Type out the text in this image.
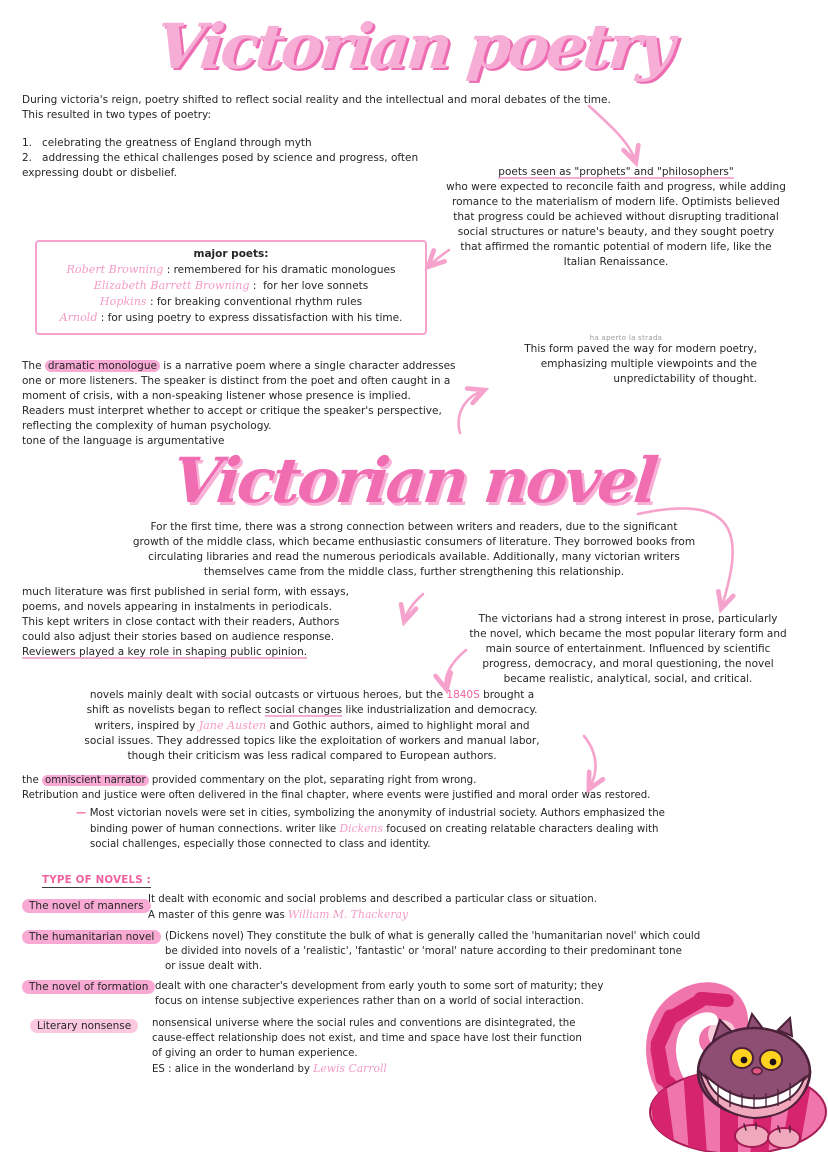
Victorian poetry
During victoria's reign, poetry shifted to reflect social reality and the intellectual and moral debates of the time.
This resulted in two types of poetry:
1.   celebrating the greatness of England through myth
2.   addressing the ethical challenges posed by science and progress, often
expressing doubt or disbelief.	poets seen as "prophets" and "philosophers"
who were expected to reconcile faith and progress, while adding
romance to the materialism of modern life. Optimists believed
that progress could be achieved without disrupting traditional
social structures or nature's beauty, and they sought poetry
that affirmed the romantic potential of modern life, like the
Italian Renaissance.
major poets:
Robert Browning : remembered for his dramatic monologues
Elizabeth Barrett Browning :  for her love sonnets
Hopkins : for breaking conventional rhythm rules
Arnold : for using poetry to express dissatisfaction with his time.
ha aperto la strada
This form paved the way for modern poetry,
emphasizing multiple viewpoints and the
unpredictability of thought.
The dramatic monologue is a narrative poem where a single character addresses
one or more listeners. The speaker is distinct from the poet and often caught in a
moment of crisis, with a non-speaking listener whose presence is implied.
Readers must interpret whether to accept or critique the speaker's perspective,
reflecting the complexity of human psychology.
tone of the language is argumentative
Victorian novel
For the first time, there was a strong connection between writers and readers, due to the significant
growth of the middle class, which became enthusiastic consumers of literature. They borrowed books from
circulating libraries and read the numerous periodicals available. Additionally, many victorian writers
themselves came from the middle class, further strengthening this relationship.
much literature was first published in serial form, with essays,
poems, and novels appearing in instalments in periodicals.
This kept writers in close contact with their readers, Authors
could also adjust their stories based on audience response.
Reviewers played a key role in shaping public opinion.
The victorians had a strong interest in prose, particularly
the novel, which became the most popular literary form and
main source of entertainment. Influenced by scientific
progress, democracy, and moral questioning, the novel
became realistic, analytical, social, and critical.
novels mainly dealt with social outcasts or virtuous heroes, but the 1840S brought a
shift as novelists began to reflect social changes like industrialization and democracy.
writers, inspired by Jane Austen and Gothic authors, aimed to highlight moral and
social issues. They addressed topics like the exploitation of workers and manual labor,
though their criticism was less radical compared to European authors.
the omniscient narrator provided commentary on the plot, separating right from wrong.
Retribution and justice were often delivered in the final chapter, where events were justified and moral order was restored.
— Most victorian novels were set in cities, symbolizing the anonymity of industrial society. Authors emphasized the
binding power of human connections. writer like Dickens focused on creating relatable characters dealing with
social challenges, especially those connected to class and identity.
TYPE OF NOVELS :
The novel of manners
It dealt with economic and social problems and described a particular class or situation.
A master of this genre was William M. Thackeray
The humanitarian novel	(Dickens novel) They constitute the bulk of what is generally called the 'humanitarian novel' which could
be divided into novels of a 'realistic', 'fantastic' or 'moral' nature according to their predominant tone
or issue dealt with.
The novel of formation dealt with one character's development from early youth to some sort of maturity; they
focus on intense subjective experiences rather than on a world of social interaction.
Literary nonsense	nonsensical universe where the social rules and conventions are disintegrated, the
cause-effect relationship does not exist, and time and space have lost their function
of giving an order to human experience.
ES : alice in the wonderland by Lewis Carroll
